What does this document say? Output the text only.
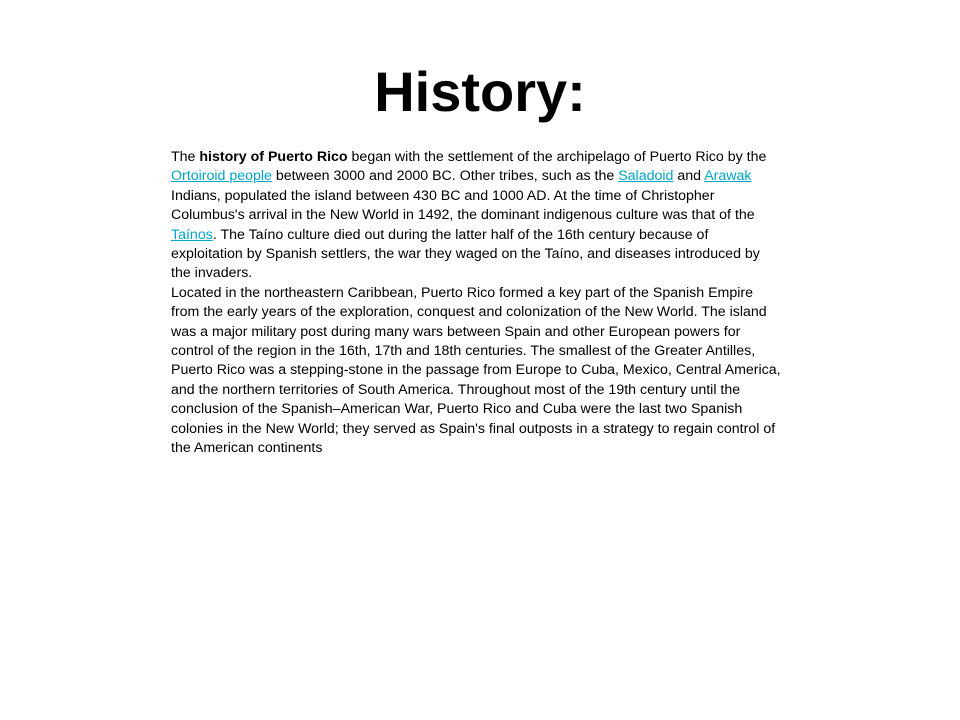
History:

The history of Puerto Rico began with the settlement of the archipelago of Puerto Rico by the Ortoiroid people between 3000 and 2000 BC. Other tribes, such as the Saladoid and Arawak Indians, populated the island between 430 BC and 1000 AD. At the time of Christopher Columbus's arrival in the New World in 1492, the dominant indigenous culture was that of the Taínos. The Taíno culture died out during the latter half of the 16th century because of exploitation by Spanish settlers, the war they waged on the Taíno, and diseases introduced by the invaders.

Located in the northeastern Caribbean, Puerto Rico formed a key part of the Spanish Empire from the early years of the exploration, conquest and colonization of the New World. The island was a major military post during many wars between Spain and other European powers for control of the region in the 16th, 17th and 18th centuries. The smallest of the Greater Antilles, Puerto Rico was a stepping-stone in the passage from Europe to Cuba, Mexico, Central America, and the northern territories of South America. Throughout most of the 19th century until the conclusion of the Spanish–American War, Puerto Rico and Cuba were the last two Spanish colonies in the New World; they served as Spain's final outposts in a strategy to regain control of the American continents
